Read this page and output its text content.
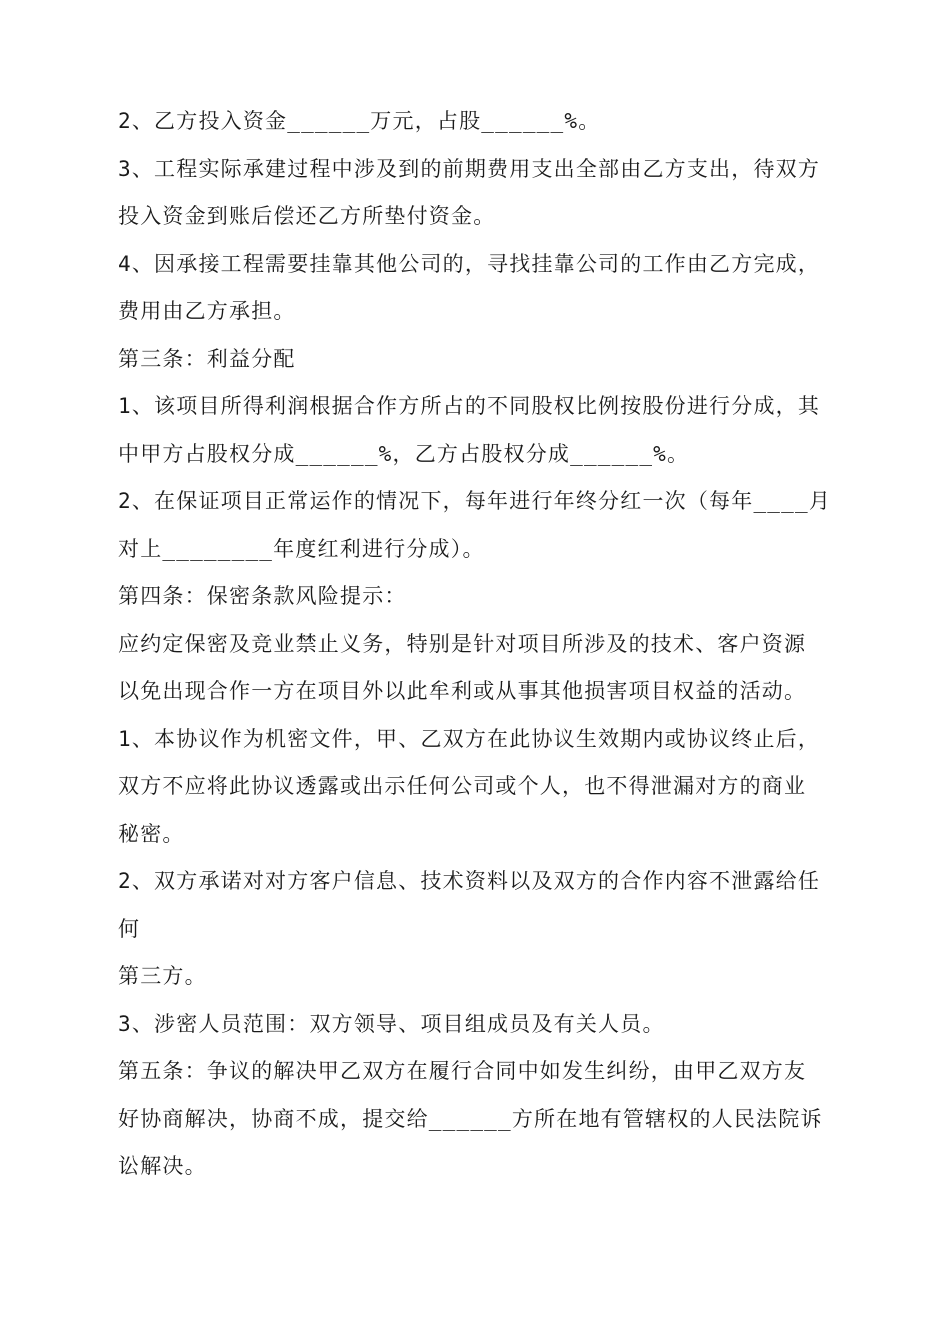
2、乙方投入资金______万元，占股______%。
3、工程实际承建过程中涉及到的前期费用支出全部由乙方支出，待双方
投入资金到账后偿还乙方所垫付资金。
4、因承接工程需要挂靠其他公司的，寻找挂靠公司的工作由乙方完成，
费用由乙方承担。
第三条：利益分配
1、该项目所得利润根据合作方所占的不同股权比例按股份进行分成，其
中甲方占股权分成______%，乙方占股权分成______%。
2、在保证项目正常运作的情况下，每年进行年终分红一次（每年____月
对上________年度红利进行分成）。
第四条：保密条款风险提示：
应约定保密及竞业禁止义务，特别是针对项目所涉及的技术、客户资源
以免出现合作一方在项目外以此牟利或从事其他损害项目权益的活动。
1、本协议作为机密文件，甲、乙双方在此协议生效期内或协议终止后，
双方不应将此协议透露或出示任何公司或个人，也不得泄漏对方的商业
秘密。
2、双方承诺对对方客户信息、技术资料以及双方的合作内容不泄露给任
何
第三方。
3、涉密人员范围：双方领导、项目组成员及有关人员。
第五条：争议的解决甲乙双方在履行合同中如发生纠纷，由甲乙双方友
好协商解决，协商不成，提交给______方所在地有管辖权的人民法院诉
讼解决。
